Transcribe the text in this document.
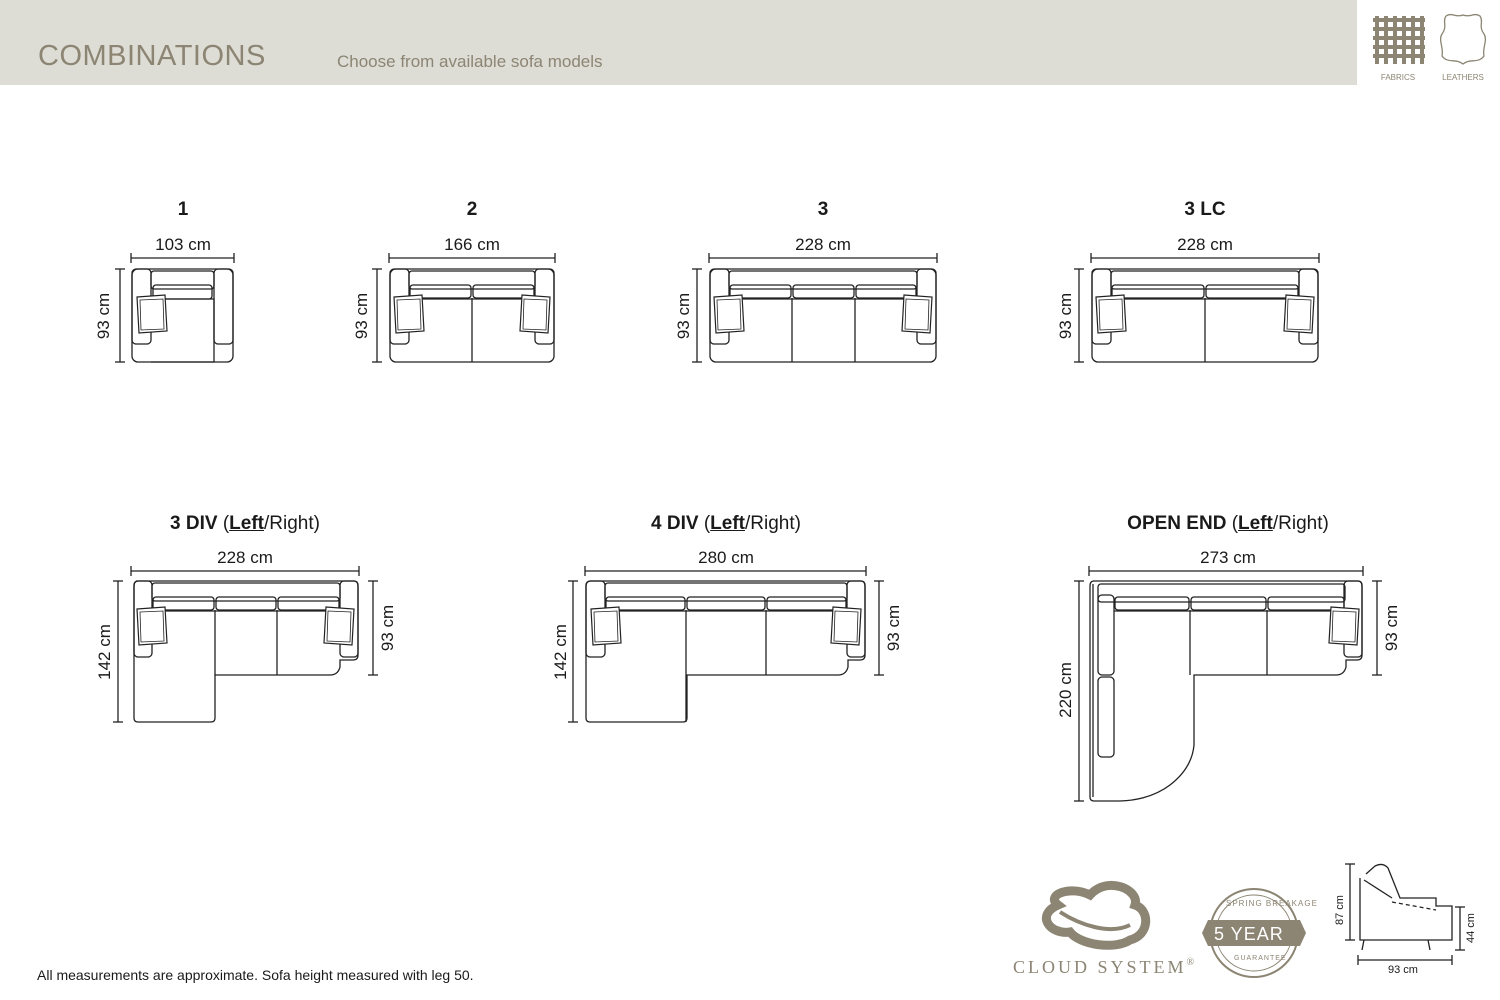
COMBINATIONS	Choose from available sofa models
FABRICS	LEATHERS
1	2	3	3 LC
3 DIV (Left/Right)	4 DIV (Left/Right)	OPEN END (Left/Right)
103 cm	166 cm	228 cm	228 cm
228 cm	280 cm	273 cm
93 cm	93 cm	93 cm	93 cm
142 cm	93 cm	142 cm	93 cm
220 cm
93 cm
SPRING BREAKAGE
5 YEAR
GUARANTEE
87 cm
44 cm
93 cm
CLOUD SYSTEM®
All measurements are approximate. Sofa height measured with leg 50.
